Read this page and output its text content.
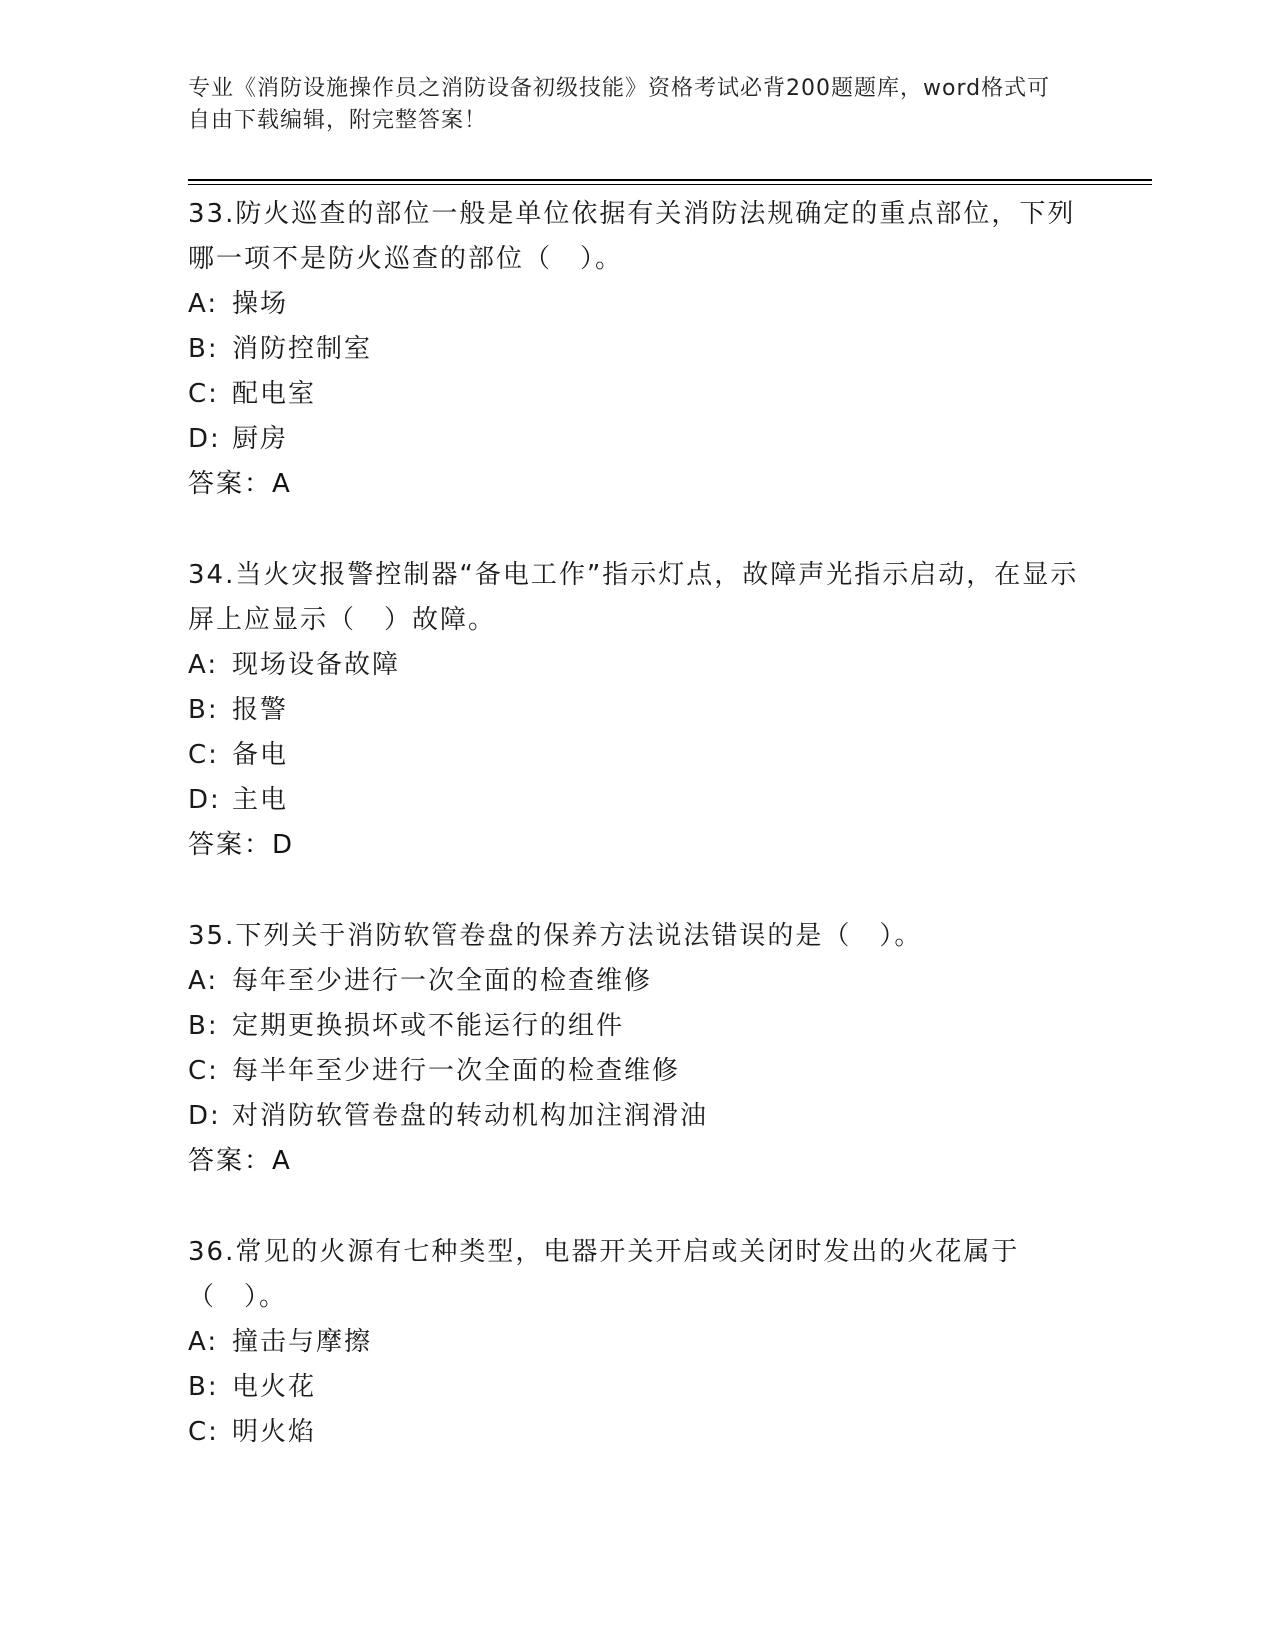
专业《消防设施操作员之消防设备初级技能》资格考试必背200题题库，word格式可自由下载编辑，附完整答案！

33.防火巡查的部位一般是单位依据有关消防法规确定的重点部位，下列哪一项不是防火巡查的部位（　）。

A: 操场
B: 消防控制室
C: 配电室
D: 厨房
答案：A

34.当火灾报警控制器“备电工作”指示灯点，故障声光指示启动，在显示屏上应显示（　）故障。

A: 现场设备故障
B: 报警
C: 备电
D: 主电
答案：D

35.下列关于消防软管卷盘的保养方法说法错误的是（　）。

A: 每年至少进行一次全面的检查维修
B: 定期更换损坏或不能运行的组件
C: 每半年至少进行一次全面的检查维修
D: 对消防软管卷盘的转动机构加注润滑油
答案：A

36.常见的火源有七种类型，电器开关开启或关闭时发出的火花属于（　）。

A: 撞击与摩擦
B: 电火花
C: 明火焰
